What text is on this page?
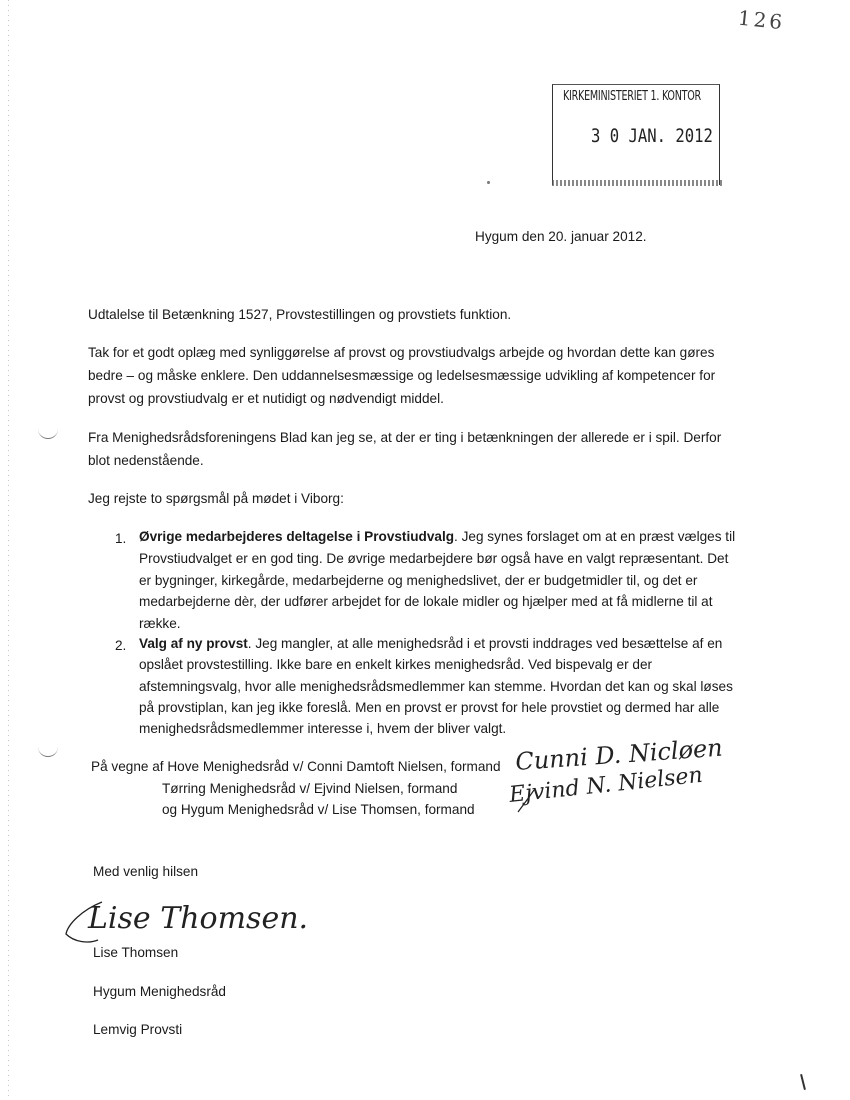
126
KIRKEMINISTERIET 1. KONTOR
3 0 JAN. 2012
Hygum den 20. januar 2012.
Udtalelse til Betænkning 1527, Provstestillingen og provstiets funktion.
Tak for et godt oplæg med synliggørelse af provst og provstiudvalgs arbejde og hvordan dette kan gøres
bedre – og måske enklere. Den uddannelsesmæssige og ledelsesmæssige udvikling af kompetencer for
provst og provstiudvalg er et nutidigt og nødvendigt middel.
Fra Menighedsrådsforeningens Blad kan jeg se, at der er ting i betænkningen der allerede er i spil. Derfor
blot nedenstående.
Jeg rejste to spørgsmål på mødet i Viborg:
1. Øvrige medarbejderes deltagelse i Provstiudvalg. Jeg synes forslaget om at en præst vælges til
Provstiudvalget er en god ting. De øvrige medarbejdere bør også have en valgt repræsentant. Det
er bygninger, kirkegårde, medarbejderne og menighedslivet, der er budgetmidler til, og det er
medarbejderne dèr, der udfører arbejdet for de lokale midler og hjælper med at få midlerne til at
række.
2. Valg af ny provst. Jeg mangler, at alle menighedsråd i et provsti inddrages ved besættelse af en
opslået provstestilling. Ikke bare en enkelt kirkes menighedsråd. Ved bispevalg er der
afstemningsvalg, hvor alle menighedsrådsmedlemmer kan stemme. Hvordan det kan og skal løses
på provstiplan, kan jeg ikke foreslå. Men en provst er provst for hele provstiet og dermed har alle
menighedsrådsmedlemmer interesse i, hvem der bliver valgt.
På vegne af Hove Menighedsråd v/ Conni Damtoft Nielsen, formand
Tørring Menighedsråd v/ Ejvind Nielsen, formand
og Hygum Menighedsråd v/ Lise Thomsen, formand
Cunni D. Nicløen
Ejvind N. Nielsen
Med venlig hilsen
Lise Thomsen.
Lise Thomsen
Hygum Menighedsråd
Lemvig Provsti
